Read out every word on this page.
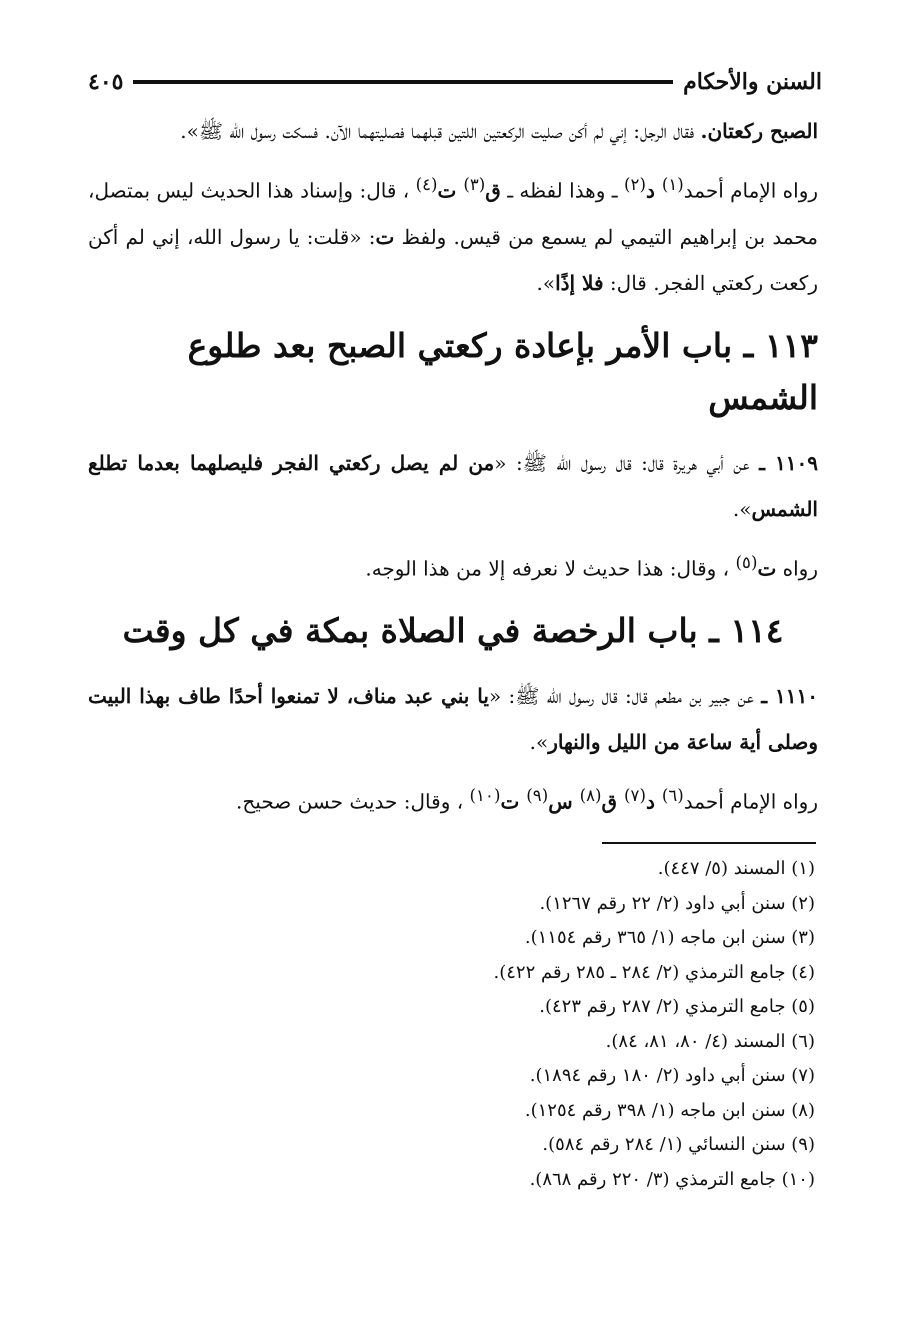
السنن والأحكام
٤٠٥

الصبح ركعتان. فقال الرجل: إني لم أكن صليت الركعتين اللتين قبلهما فصليتهما الآن. فسكت رسول الله ﷺ».

رواه الإمام أحمد$^{(١)}$ د$^{(٢)}$ ـ وهذا لفظه ـ ق$^{(٣)}$ ت$^{(٤)}$ ، قال: وإسناد هذا الحديث ليس بمتصل، محمد بن إبراهيم التيمي لم يسمع من قيس. ولفظ ت: «قلت: يا رسول الله، إني لم أكن ركعت ركعتي الفجر. قال: فلا إذًا».

١١٣ ـ باب الأمر بإعادة ركعتي الصبح بعد طلوع الشمس

١١٠٩ ـ عن أبي هريرة قال: قال رسول الله ﷺ: «من لم يصل ركعتي الفجر فليصلهما بعدما تطلع الشمس».

رواه ت$^{(٥)}$ ، وقال: هذا حديث لا نعرفه إلا من هذا الوجه.

١١٤ ـ باب الرخصة في الصلاة بمكة في كل وقت

١١١٠ ـ عن جبير بن مطعم قال: قال رسول الله ﷺ: «يا بني عبد مناف، لا تمنعوا أحدًا طاف بهذا البيت وصلى أية ساعة من الليل والنهار».

رواه الإمام أحمد$^{(٦)}$ د$^{(٧)}$ ق$^{(٨)}$ س$^{(٩)}$ ت$^{(١٠)}$ ، وقال: حديث حسن صحيح.

(١) المسند (٥/ ٤٤٧).
(٢) سنن أبي داود (٢/ ٢٢ رقم ١٢٦٧).
(٣) سنن ابن ماجه (١/ ٣٦٥ رقم ١١٥٤).
(٤) جامع الترمذي (٢/ ٢٨٤ ـ ٢٨٥ رقم ٤٢٢).
(٥) جامع الترمذي (٢/ ٢٨٧ رقم ٤٢٣).
(٦) المسند (٤/ ٨٠، ٨١، ٨٤).
(٧) سنن أبي داود (٢/ ١٨٠ رقم ١٨٩٤).
(٨) سنن ابن ماجه (١/ ٣٩٨ رقم ١٢٥٤).
(٩) سنن النسائي (١/ ٢٨٤ رقم ٥٨٤).
(١٠) جامع الترمذي (٣/ ٢٢٠ رقم ٨٦٨).
